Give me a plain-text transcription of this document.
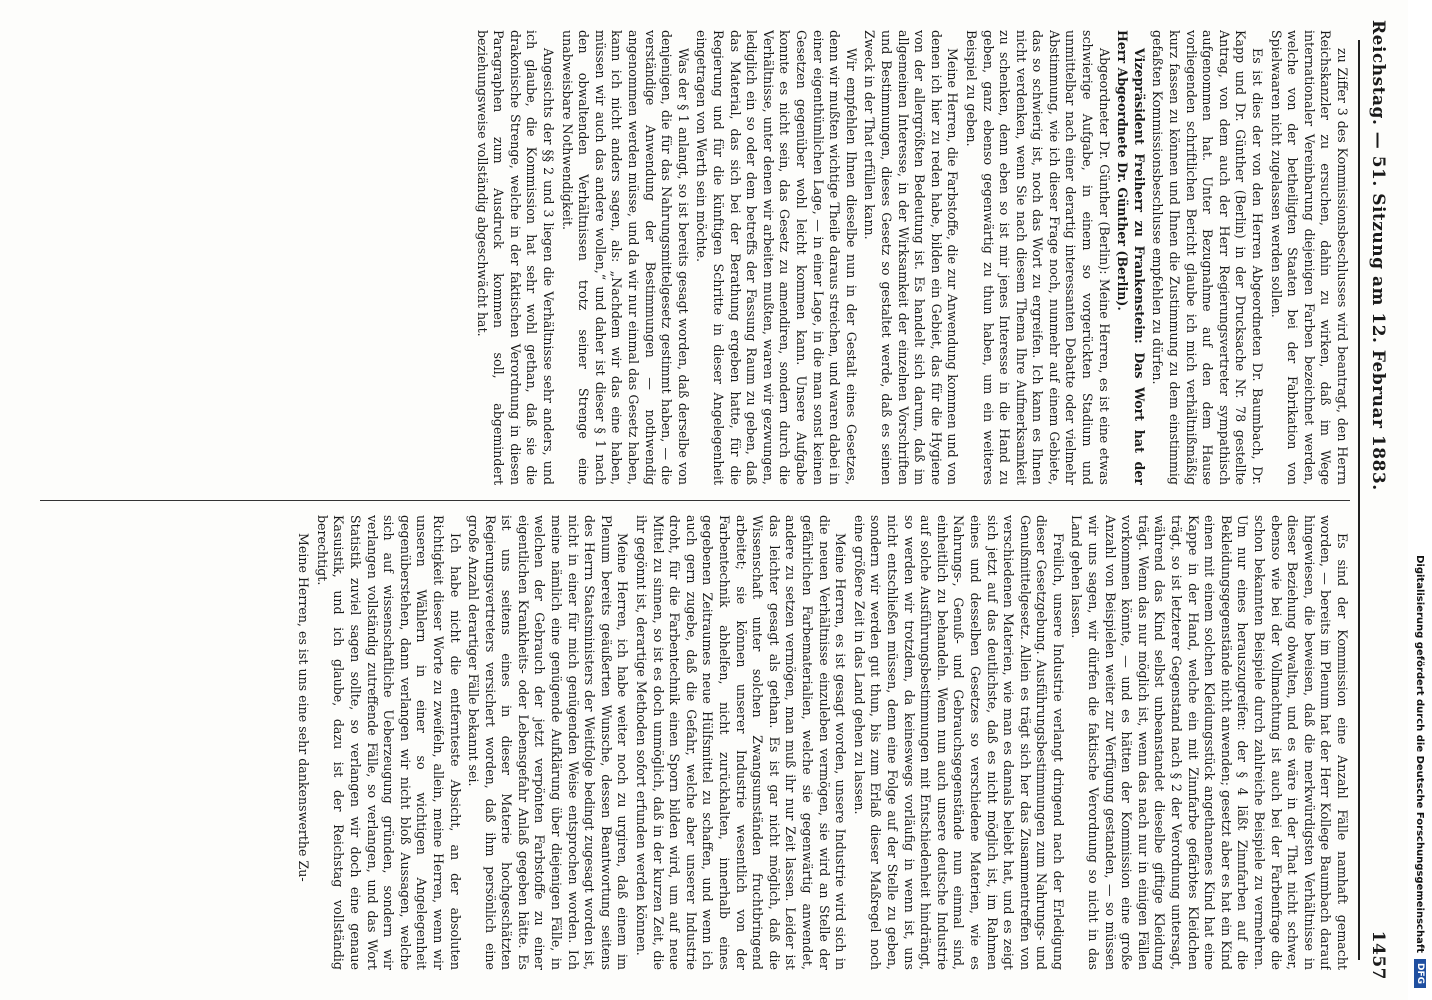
Reichstag. — 51. Sitzung am 12. Februar 1883.
1457

zu Ziffer 3 des Kommissionsbeschlusses wird beantragt, den Herrn Reichskanzler zu ersuchen, dahin zu wirken, daß im Wege internationaler Vereinbarung diejenigen Farben bezeichnet werden, welche von der betheiligten Staaten bei der Fabrikation von Spielwaaren nicht zugelassen werden sollen.

Es ist dies der von den Herren Abgeordneten Dr. Baumbach, Dr. Kapp und Dr. Günther (Berlin) in der Drucksache Nr. 78 gestellte Antrag, von dem auch der Herr Regierungsvertreter sympathisch aufgenommen hat. Unter Bezugnahme auf den dem Hause vorliegenden schriftlichen Bericht glaube ich mich verhältnißmäßig kurz fassen zu können und Ihnen die Zustimmung zu dem einstimmig gefaßten Kommissionsbeschlusse empfehlen zu dürfen.

Vizepräsident Freiherr zu Frankenstein: Das Wort hat der Herr Abgeordnete Dr. Günther (Berlin).

Abgeordneter Dr. Günther (Berlin): Meine Herren, es ist eine etwas schwierige Aufgabe, in einem so vorgerückten Stadium und unmittelbar nach einer derartig interessanten Debatte oder vielmehr Abstimmung, wie ich dieser Frage noch, nunmehr auf einem Gebiete, das so schwierig ist, noch das Wort zu ergreifen. Ich kann es Ihnen nicht verdenken, wenn Sie nach diesem Thema Ihre Aufmerksamkeit zu schenken, denn eben so ist mir jenes Interesse in die Hand zu geben, ganz ebenso gegenwärtig zu thun haben, um ein weiteres Beispiel zu geben.

Meine Herren, die Farbstoffe, die zur Anwendung kommen und von denen ich hier zu reden habe, bilden ein Gebiet, das für die Hygiene von der allergrößten Bedeutung ist. Es handelt sich darum, daß im allgemeinen Interesse, in der Wirksamkeit der einzelnen Vorschriften und Bestimmungen, dieses Gesetz so gestaltet werde, daß es seinen Zweck in der That erfüllen kann.

Wir empfehlen Ihnen dieselbe nun in der Gestalt eines Gesetzes, denn wir mußten wichtige Theile daraus streichen, und waren dabei in einer eigenthümlichen Lage, — in einer Lage, in die man sonst keinen Gesetzen gegenüber wohl leicht kommen kann. Unsere Aufgabe konnte es nicht sein, das Gesetz zu amendiren, sondern durch die Verhältnisse, unter denen wir arbeiten mußten, waren wir gezwungen, lediglich ein so oder dem betreffs der Fassung Raum zu geben, daß das Material, das sich bei der Berathung ergeben hatte, für die Regierung und für die künftigen Schritte in dieser Angelegenheit eingetragen von Werth sein möchte.

Was der § 1 anlangt, so ist bereits gesagt worden, daß derselbe von denjenigen, die für das Nahrungsmittelgesetz gestimmt haben, — die verständige Anwendung der Bestimmungen — nothwendig angenommen werden müsse, und da wir nur einmal das Gesetz haben, kann ich nicht anders sagen, als: „Nachdem wir das eine haben, müssen wir auch das andere wollen,“ und daher ist dieser § 1 nach den obwaltenden Verhältnissen trotz seiner Strenge eine unabweisbare Nothwendigkeit.

Angesichts der §§ 2 und 3 liegen die Verhältnisse sehr anders, und ich glaube, die Kommission hat sehr wohl gethan, daß sie die drakonische Strenge, welche in der faktischen Verordnung in diesen Paragraphen zum Ausdruck kommen soll, abgemindert beziehungsweise vollständig abgeschwächt hat.

Es sind der Kommission eine Anzahl Fälle namhaft gemacht worden, — bereits im Plenum hat der Herr Kollege Baumbach darauf hingewiesen, die beweisen, daß die merkwürdigsten Verhältnisse in dieser Beziehung obwalten, und es wäre in der That nicht schwer, ebenso wie bei der Vollmachtung ist auch bei der Farbenfrage die schon bekannten Beispiele durch zahlreiche Beispiele zu vermehren. Um nur eines herauszugreifen: der § 4 läßt Zinnfarben auf die Bekleidungsgegenstände nicht anwenden; gesetzt aber es hat ein Kind einen mit einem solchen Kleidungsstück angethanenes Kind hat eine Kappe in der Hand, welche ein mit Zinnfarbe gefärbtes Kleidchen trägt, so ist letzterer Gegenstand nach § 2 der Verordnung untersagt, während das Kind selbst unbeanstandet dieselbe giftige Kleidung trägt. Wenn das nur möglich ist, wenn das nach nur in einigen Fällen vorkommen könnte, — und es hätten der Kommission eine große Anzahl von Beispielen weiter zur Verfügung gestanden, — so müssen wir uns sagen, wir dürfen die faktische Verordnung so nicht in das Land gehen lassen.

Freilich, unsere Industrie verlangt dringend nach der Erledigung dieser Gesetzgebung. Ausführungsbestimmungen zum Nahrungs- und Genußmittelgesetz. Allein es trägt sich her das Zusammentreffen von verschiedenen Materien, wie man es damals beliebt hat, und es zeigt sich jetzt auf das deutlichste, daß es nicht möglich ist, im Rahmen eines und desselben Gesetzes so verschiedene Materien, wie es Nahrungs-, Genuß- und Gebrauchsgegenstände nun einmal sind, einheitlich zu behandeln. Wenn nun auch unsere deutsche Industrie auf solche Ausführungsbestimmungen mit Entschiedenheit hindrängt, so werden wir trotzdem, da keineswegs vorläufig in wenn ist, uns nicht entschließen müssen, denn eine Folge auf der Stelle zu geben, sondern wir werden gut thun, bis zum Erlaß dieser Maßregel noch eine größere Zeit in das Land gehen zu lassen.

Meine Herren, es ist gesagt worden, unsere Industrie wird sich in die neuen Verhältnisse einzuleben vermögen, sie wird an Stelle der gefährlichen Farbematerialien, welche sie gegenwärtig anwendet, andere zu setzen vermögen, man muß ihr nur Zeit lassen. Leider ist das leichter gesagt als gethan. Es ist gar nicht möglich, daß die Wissenschaft unter solchen Zwangsumständen fruchtbringend arbeitet; sie können unserer Industrie wesentlich von der Farbentechnik abhelfen, nicht zurückhalten, innerhalb eines gegebenen Zeitraumes neue Hülfsmittel zu schaffen, und wenn ich auch gern zugebe, daß die Gefahr, welche aber unserer Industrie droht, für die Farbentechnik einen Sporn bilden wird, um auf neue Mittel zu sinnen, so ist es doch unmöglich, daß in der kurzen Zeit, die ihr gegönnt ist, derartige Methoden sofort erfunden werden können.

Meine Herren, ich habe weiter noch zu urgiren, daß einem im Plenum bereits geäußerten Wunsche, dessen Beantwortung seitens des Herrn Staatsministers der Weitfolge bedingt zugesagt worden ist, nicht in einer für mich genügenden Weise entsprochen worden. Ich meine nämlich eine genügende Aufklärung über diejenigen Fälle, in welchen der Gebrauch der jetzt verpönten Farbstoffe zu einer eigentlichen Krankheits- oder Lebensgefahr Anlaß gegeben hätte. Es ist uns seitens eines in dieser Materie hochgeschätzten Regierungsvertreters versichert worden, daß ihm persönlich eine große Anzahl derartiger Fälle bekannt sei.

Ich habe nicht die entfernteste Absicht, an der absoluten Richtigkeit dieser Worte zu zweifeln, allein, meine Herren, wenn wir unseren Wählern in einer so wichtigen Angelegenheit gegenüberstehen, dann verlangen wir nicht bloß Aussagen, welche sich auf wissenschaftliche Ueberzeugung gründen, sondern wir verlangen vollständig zutreffende Fälle, so verlangen, und das Wort Statistik zuviel sagen sollte, so verlangen wir doch eine genaue Kasuistik, und ich glaube, dazu ist der Reichstag vollständig berechtigt.

Meine Herren, es ist uns eine sehr dankenswerthe Zu-	Digitalisierung gefördert durch die Deutsche Forschungsgemeinschaft
DFG
